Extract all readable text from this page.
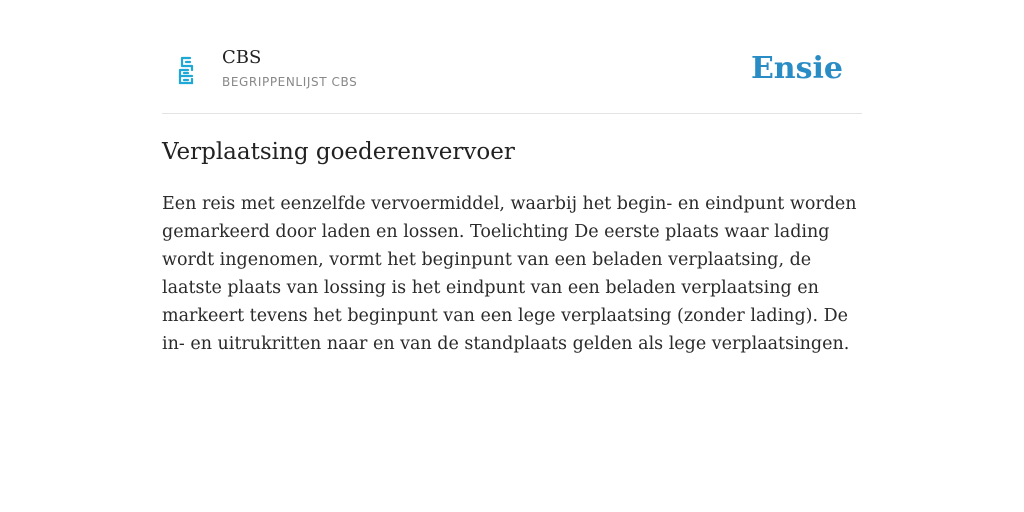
CBS
BEGRIPPENLIJST CBS	Ensie
Verplaatsing goederenvervoer

Een reis met eenzelfde vervoermiddel, waarbij het begin- en eindpunt worden gemarkeerd door laden en lossen. Toelichting De eerste plaats waar lading wordt ingenomen, vormt het beginpunt van een beladen verplaatsing, de laatste plaats van lossing is het eindpunt van een beladen verplaatsing en markeert tevens het beginpunt van een lege verplaatsing (zonder lading). De in- en uitrukritten naar en van de standplaats gelden als lege verplaatsingen.
